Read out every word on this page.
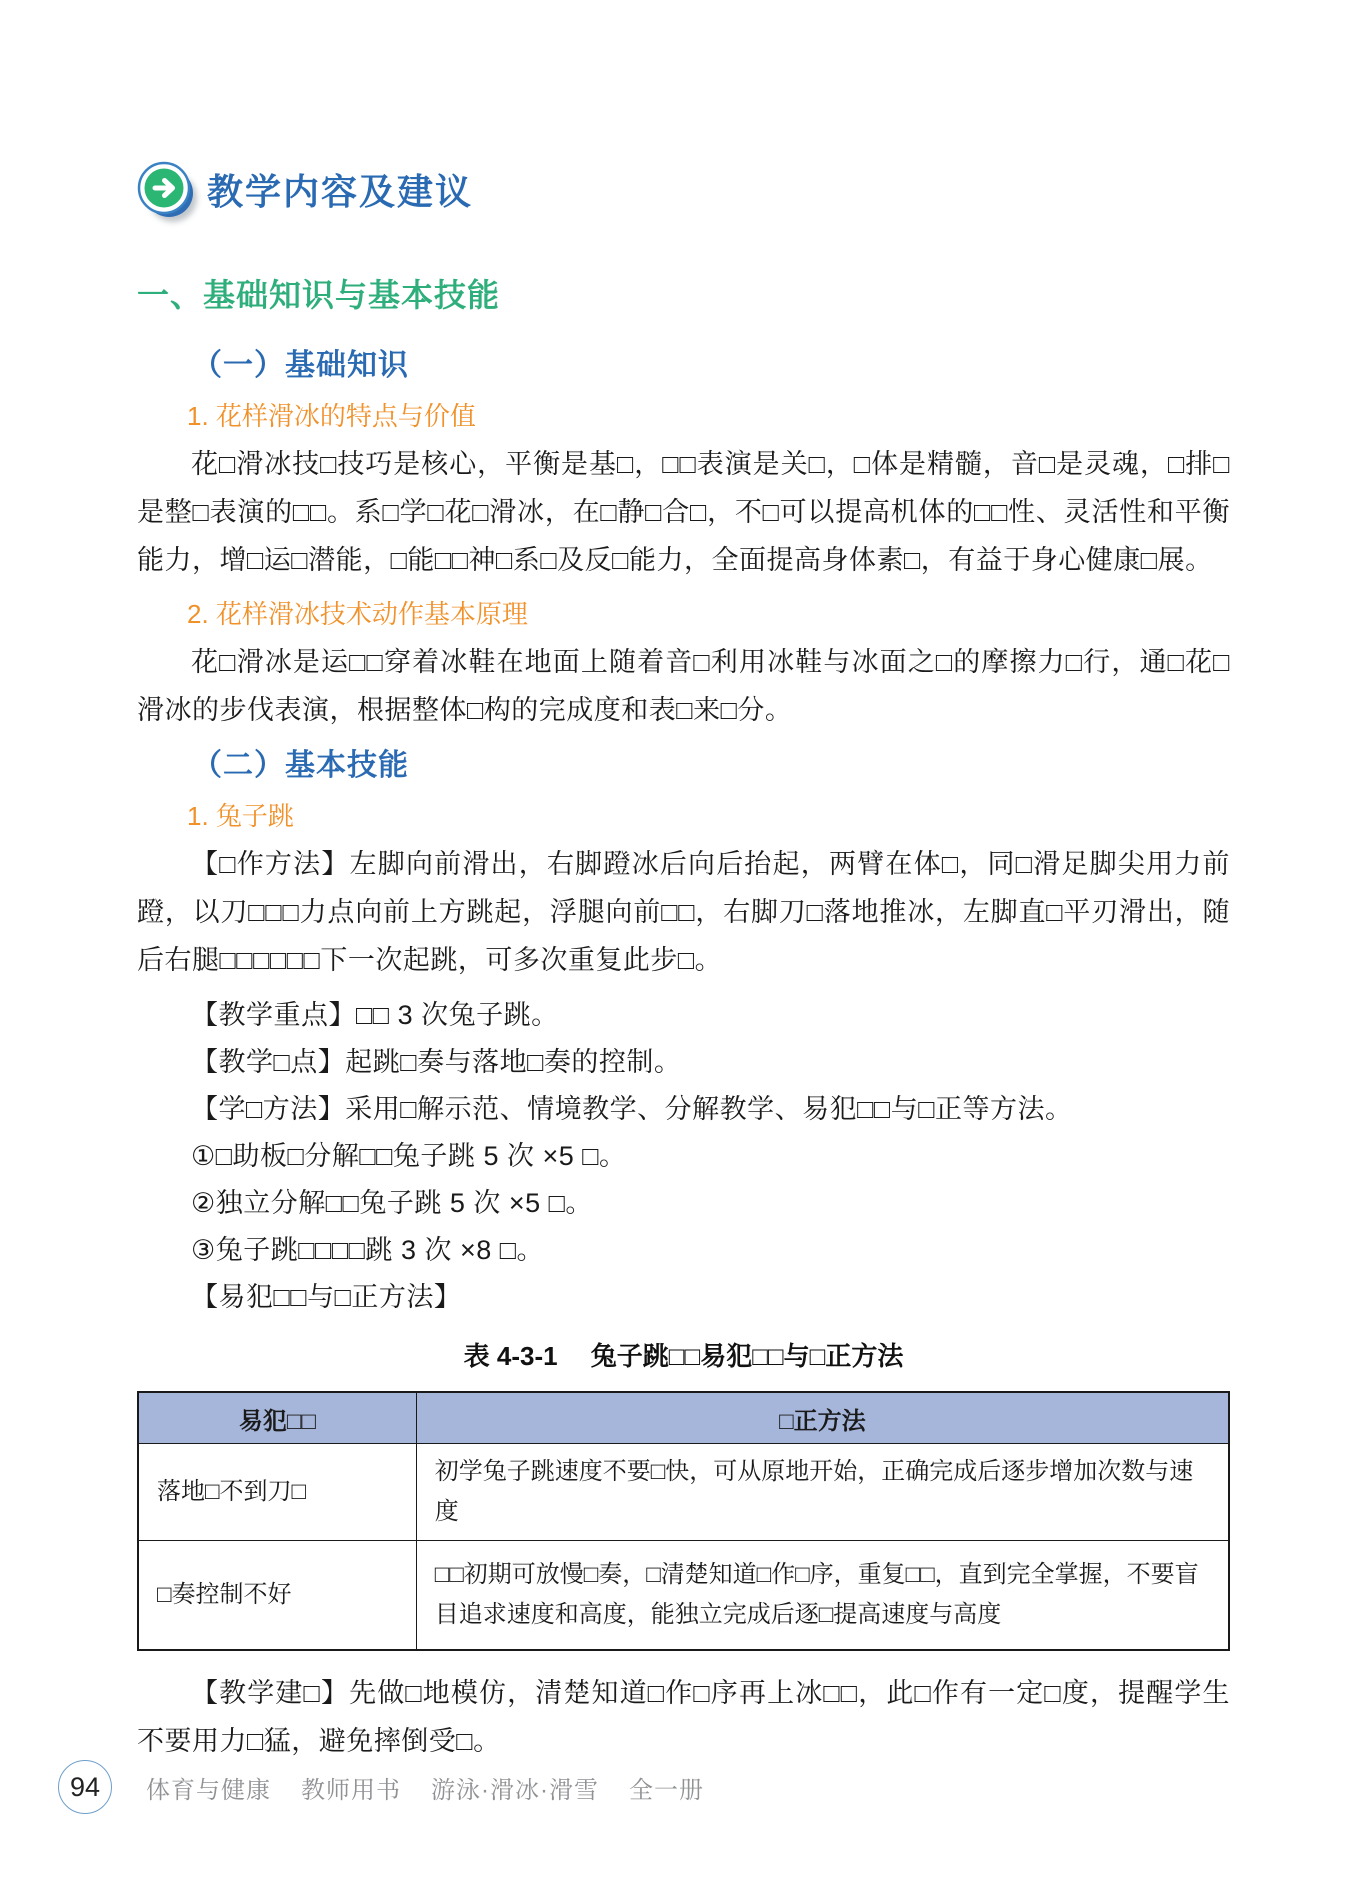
教学内容及建议
一、基础知识与基本技能
（一）基础知识

1. 花样滑冰的特点与价值

花□滑冰技□技巧是核心，平衡是基□，□□表演是关□，□体是精髓，音□是灵魂，□排□是整□表演的□□。系□学□花□滑冰，在□静□合□，不□可以提高机体的□□性、灵活性和平衡能力，增□运□潜能，□能□□神□系□及反□能力，全面提高身体素□，有益于身心健康□展。

2. 花样滑冰技术动作基本原理

花□滑冰是运□□穿着冰鞋在地面上随着音□利用冰鞋与冰面之□的摩擦力□行，通□花□滑冰的步伐表演，根据整体□构的完成度和表□来□分。

（二）基本技能

1. 兔子跳

【□作方法】左脚向前滑出，右脚蹬冰后向后抬起，两臂在体□，同□滑足脚尖用力前蹬，以刀□□□力点向前上方跳起，浮腿向前□□，右脚刀□落地推冰，左脚直□平刃滑出，随后右腿□□□□□□下一次起跳，可多次重复此步□。

【教学重点】□□ 3 次兔子跳。

【教学□点】起跳□奏与落地□奏的控制。

【学□方法】采用□解示范、情境教学、分解教学、易犯□□与□正等方法。

①□助板□分解□□兔子跳 5 次 ×5 □。

②独立分解□□兔子跳 5 次 ×5 □。

③兔子跳□□□□跳 3 次 ×8 □。

【易犯□□与□正方法】

表 4-3-1　 兔子跳□□易犯□□与□正方法

易犯□□	□正方法
落地□不到刀□	初学兔子跳速度不要□快，可从原地开始，正确完成后逐步增加次数与速度
□奏控制不好	□□初期可放慢□奏，□清楚知道□作□序，重复□□，直到完全掌握，不要盲目追求速度和高度，能独立完成后逐□提高速度与高度

【教学建□】先做□地模仿，清楚知道□作□序再上冰□□，此□作有一定□度，提醒学生不要用力□猛，避免摔倒受□。

94	体育与健康 教师用书 游泳·滑冰·滑雪 全一册
